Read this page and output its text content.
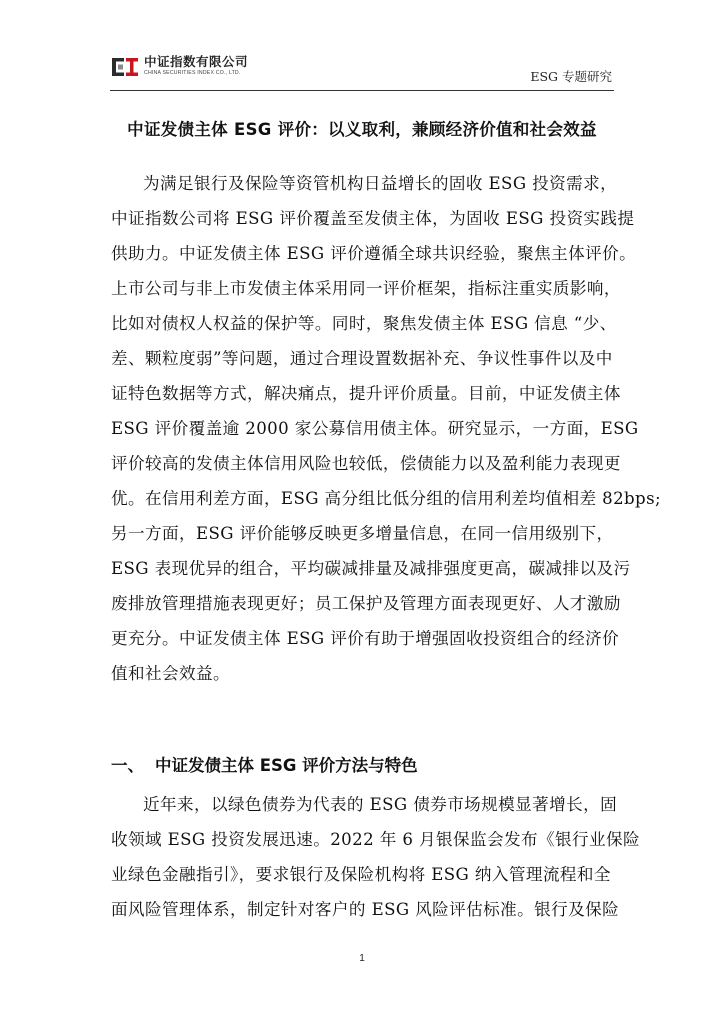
中证指数有限公司
CHINA SECURITIES INDEX CO., LTD.	ESG 专题研究
中证发债主体 ESG 评价：以义取利，兼顾经济价值和社会效益
为满足银行及保险等资管机构日益增长的固收 ESG 投资需求，
中证指数公司将 ESG 评价覆盖至发债主体，为固收 ESG 投资实践提
供助力。中证发债主体 ESG 评价遵循全球共识经验，聚焦主体评价。
上市公司与非上市发债主体采用同一评价框架，指标注重实质影响，
比如对债权人权益的保护等。同时，聚焦发债主体 ESG 信息 “少、
差、颗粒度弱”等问题，通过合理设置数据补充、争议性事件以及中
证特色数据等方式，解决痛点，提升评价质量。目前，中证发债主体
ESG 评价覆盖逾 2000 家公募信用债主体。研究显示，一方面，ESG
评价较高的发债主体信用风险也较低，偿债能力以及盈利能力表现更
优。在信用利差方面，ESG 高分组比低分组的信用利差均值相差 82bps;
另一方面，ESG 评价能够反映更多增量信息，在同一信用级别下，
ESG 表现优异的组合，平均碳减排量及减排强度更高，碳减排以及污
废排放管理措施表现更好；员工保护及管理方面表现更好、人才激励
更充分。中证发债主体 ESG 评价有助于增强固收投资组合的经济价
值和社会效益。
一、 中证发债主体 ESG 评价方法与特色
近年来，以绿色债券为代表的 ESG 债券市场规模显著增长，固
收领域 ESG 投资发展迅速。2022 年 6 月银保监会发布《银行业保险
业绿色金融指引》，要求银行及保险机构将 ESG 纳入管理流程和全
面风险管理体系，制定针对客户的 ESG 风险评估标准。银行及保险
1
